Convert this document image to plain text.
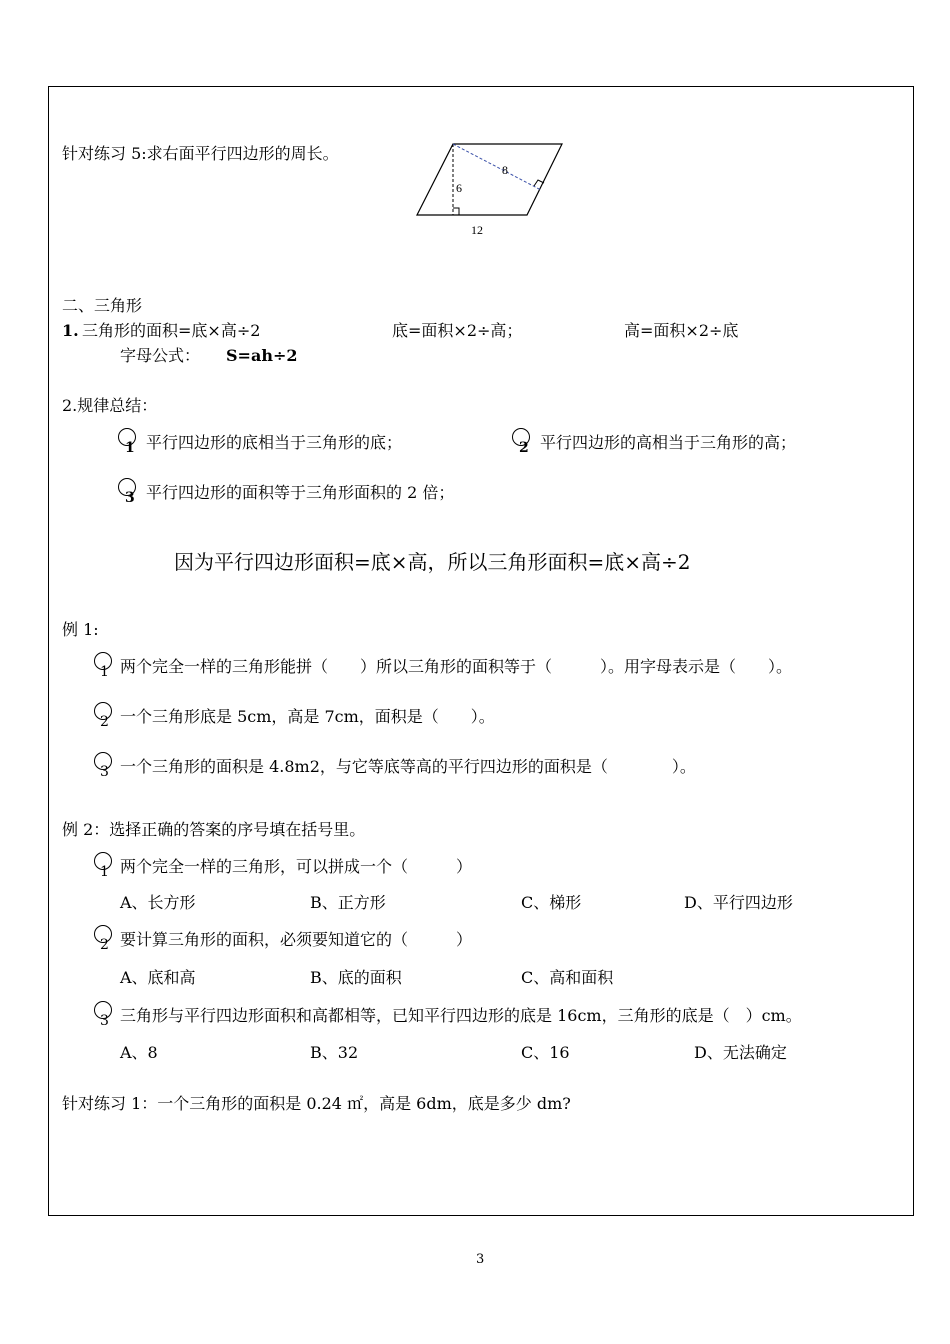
针对练习 5:求右面平行四边形的周长。
8
6
12
二、三角形
1. 三角形的面积=底×高÷2	底=面积×2÷高；	高=面积×2÷底
字母公式： S=ah÷2
2.规律总结：
1 平行四边形的底相当于三角形的底；	2 平行四边形的高相当于三角形的高；
3 平行四边形的面积等于三角形面积的 2 倍；
因为平行四边形面积=底×高，所以三角形面积=底×高÷2
例 1:
1 两个完全一样的三角形能拼（　　）所以三角形的面积等于（　　　）。用字母表示是（　　）。
2 一个三角形底是 5cm，高是 7cm，面积是（　　）。
3 一个三角形的面积是 4.8m2，与它等底等高的平行四边形的面积是（　　　　）。
例 2：选择正确的答案的序号填在括号里。
1 两个完全一样的三角形，可以拼成一个（　　　）
A、长方形	B、正方形	C、梯形	D、平行四边形
2 要计算三角形的面积，必须要知道它的（　　　）
A、底和高	B、底的面积	C、高和面积
3 三角形与平行四边形面积和高都相等，已知平行四边形的底是 16cm，三角形的底是（　）cm。
A、8	B、32	C、16	D、无法确定
针对练习 1：一个三角形的面积是 0.24 ㎡，高是 6dm，底是多少 dm?
3
